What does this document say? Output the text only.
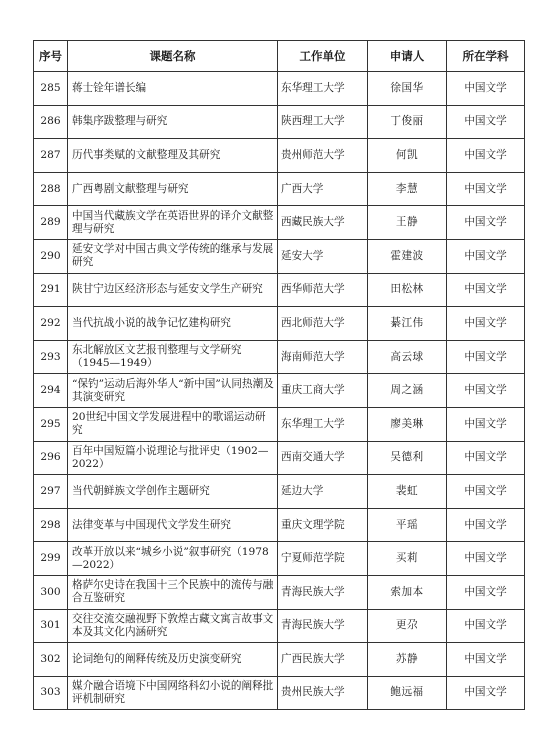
序号	课题名称	工作单位	申请人	所在学科
285	蒋士铨年谱长编	东华理工大学	徐国华	中国文学
286	韩集序跋整理与研究	陕西理工大学	丁俊丽	中国文学
287	历代事类赋的文献整理及其研究	贵州师范大学	何凯	中国文学
288	广西粤剧文献整理与研究	广西大学	李慧	中国文学
289	中国当代藏族文学在英语世界的译介文献整理与研究	西藏民族大学	王静	中国文学
290	延安文学对中国古典文学传统的继承与发展研究	延安大学	霍建波	中国文学
291	陕甘宁边区经济形态与延安文学生产研究	西华师范大学	田松林	中国文学
292	当代抗战小说的战争记忆建构研究	西北师范大学	綦江伟	中国文学
293	东北解放区文艺报刊整理与文学研究（1945—1949）	海南师范大学	高云球	中国文学
294	“保钓”运动后海外华人“新中国”认同热潮及其演变研究	重庆工商大学	周之涵	中国文学
295	20世纪中国文学发展进程中的歌谣运动研究	东华理工大学	廖美琳	中国文学
296	百年中国短篇小说理论与批评史（1902—2022）	西南交通大学	吴德利	中国文学
297	当代朝鲜族文学创作主题研究	延边大学	裴虹	中国文学
298	法律变革与中国现代文学发生研究	重庆文理学院	平瑶	中国文学
299	改革开放以来“城乡小说”叙事研究（1978—2022）	宁夏师范学院	买莉	中国文学
300	格萨尔史诗在我国十三个民族中的流传与融合互鉴研究	青海民族大学	索加本	中国文学
301	交往交流交融视野下敦煌古藏文寓言故事文本及其文化内涵研究	青海民族大学	更尕	中国文学
302	论词绝句的阐释传统及历史演变研究	广西民族大学	苏静	中国文学
303	媒介融合语境下中国网络科幻小说的阐释批评机制研究	贵州民族大学	鲍远福	中国文学
